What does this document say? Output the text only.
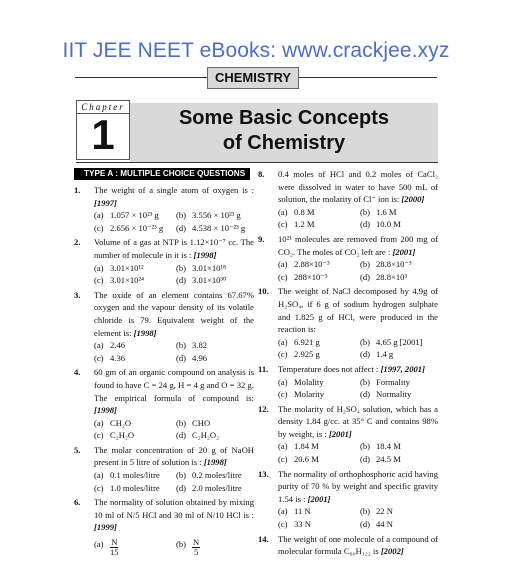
IIT JEE NEET eBooks: www.crackjee.xyz
CHEMISTRY
Chapter
1	Some Basic Concepts
of Chemistry
TYPE A : MULTIPLE CHOICE QUESTIONS
1.	The weight of a single atom of oxygen is : [1997]
(a) 1.057 × 10²³ g (b) 3.556 × 10²³ g
(c) 2.656 × 10⁻²³ g (d) 4.538 × 10⁻²³ g
2.	Volume of a gas at NTP is 1.12×10⁻⁷ cc. The number of molecule in it is : [1998]
(a) 3.01×10¹²	(b) 3.01×10¹⁸
(c) 3.01×10²⁴	(d) 3.01×10³⁰
3.	The oxide of an element contains 67.67% oxygen and the vapour density of its volatile chloride is 79. Equivalent weight of the element is: [1998]
(a) 2.46	(b) 3.82
(c) 4.36	(d) 4.96
4.	60 gm of an organic compound on analysis is found to have C = 24 g, H = 4 g and O = 32 g. The empirical formula of compound is: [1998]
(a) CH₂O	(b) CHO
(c) C₂H₂O	(d) C₂H₂O₂
5.	The molar concentration of 20 g of NaOH present in 5 litre of solution is : [1998]
(a) 0.1 moles/litre (b) 0.2 moles/litre
(c) 1.0 moles/litre (d) 2.0 moles/litre
6.	The normality of solution obtained by mixing 10 ml of N/5 HCl and 30 ml of N/10 HCl is : [1999]
$(a) \frac{N}{15}$	$(b) \frac{N}{5}$
8.	0.4 moles of HCl and 0.2 moles of CaCl₂ were dissolved in water to have 500 mL of solution, the molarity of Cl⁻ ion is: [2000]
(a) 0.8 M	(b) 1.6 M
(c) 1.2 M	(d) 10.0 M
9.	10²¹ molecules are removed from 200 mg of CO₂. The moles of CO₂ left are : [2001]
(a) 2.88×10⁻³	(b) 28.8×10⁻³
(c) 288×10⁻³	(d) 28.8×10³
10.	The weight of NaCl decomposed by 4.9g of H₂SO₄, if 6 g of sodium hydrogen sulphate and 1.825 g of HCl, were produced in the reaction is:
(a) 6.921 g	(b) 4.65 g [2001]
(c) 2.925 g	(d) 1.4 g
11.	Temperature does not affect : [1997, 2001]
(a) Molality	(b) Formality
(c) Molarity	(d) Normality
12.	The molarity of H₂SO₄ solution, which has a density 1.84 g/cc. at 35° C and contains 98% by weight, is : [2001]
(a) 1.84 M	(b) 18.4 M
(c) 20.6 M	(d) 24.5 M
13.	The normality of orthophosphoric acid having purity of 70 % by weight and specific gravity 1.54 is : [2001]
(a) 11 N	(b) 22 N
(c) 33 N	(d) 44 N
14.	The weight of one molecule of a compound of molecular formula C₆₀H₁₂₂ is [2002]
